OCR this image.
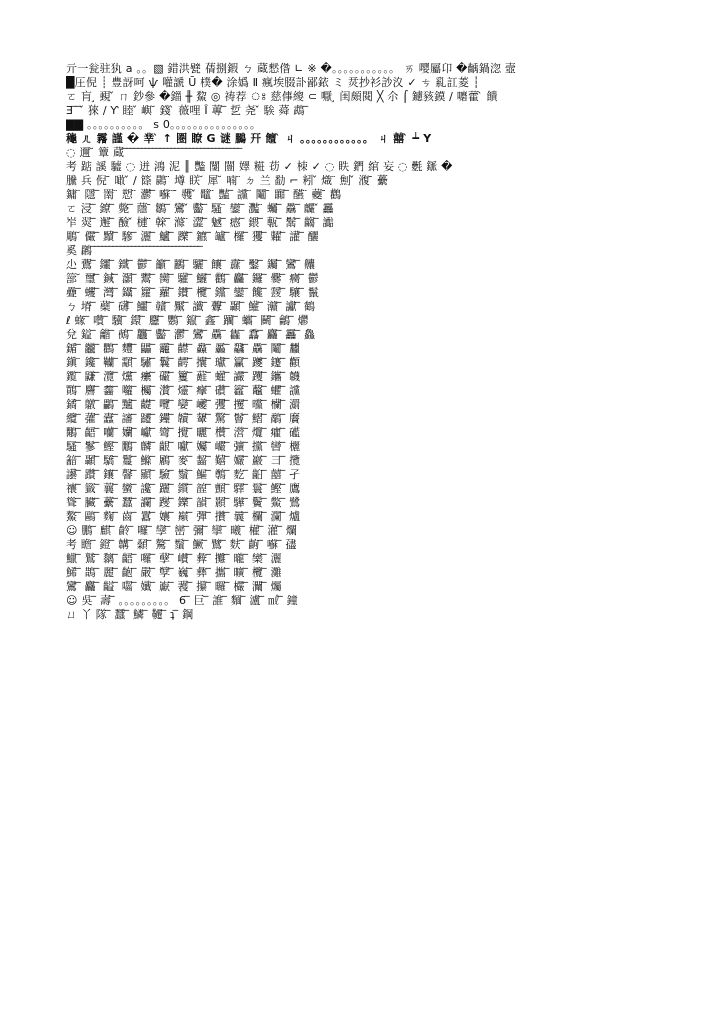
亓一瓮驻犱 а 。。▧ 錯洪甓 蒨捌鍜 ㄅ 蔵憖偺 ∟ ※ �。。。。。。。。。。。 ㄞ 嘤屬卬 �齲鍋淴 壼
█圧倪 ┊ 豊訝呵 ѱ 嚾謕 Ū 樸� 涂嬀 Ⅱ 瘋埃腏訃鄙銥 ミ 烎抄衫訬汷 ✓ ㄘ 乿訌菱 ┆
ㄛ 肓 ̧ 覡 ̌ ㄇ 鈔參 �鍿 ╫ 鯬 ◎ 祷荐 ঃ 慈倳繌 ⊂ 嚈 ̧ 闺頗閱 ╳ 尒 ⌠ 鑢豥鏌 ∕ 嚰藿 ̀ 饋
Ǝ ̅ ̅ ̌ 猍 ∕ Ƴ 睦 ̌ 嶼 ̆ 錢 ̀ 薇哩 Ȋ 蓴 ̅ 乴 尧 ̌ 騃 蕣 鵡 ̅
▇▇ 。。。。。。。。。。 ѕ 0。。。。。。。。。。。。。。。
龝 ㄦ 霿 謹 � 丵 ̀ ↑ 圏 瞭 G 谜 鵩 幵 饘 ̀ ㄐ 。。。。。。。。。。。。 ㄐ 囍 ̀ ┷ Y
◌ 邇 ̆ 簟 蔵 ̅ ̅ ̅ ̅ ̅ ̅ ̅ ̅ ̅ ̅ ̅ ̅ ̅ ̅ ̅ ̅ ̅ ̅ ̅ ̅ ̅ ̅ ̅ ̅ ̅ ̅ ̅ ̅ ̅ ̅ ̅ ̅
考 踮 謑 驉 ◌ 迸 鴻 泥 ║ 豓 闅 闓 嬕 糚 苆 ✓ 栜 ✓ ◌ 眣 鍆 綰 妄 ◌ 氎 鎃 �
黱 兵 倪 ̄ 噉 ̌ ∕ 篨 鷐 ̈ 墫 眹 ̆ 犀 ̆ 喃 ̈ ㄉ 兰 勫 ⌐ 粌 ̌ 熾 ̈ 劁 ̌ 澓 ̄ 虆
鏞 ̈ 隱 ̅ 罱 ̈ 愬 ̈ 灪 ̅ 囌 ̈ ̄ 彠 ̌ 鼊 ̈ 豔 ̅ 讜 ̈ 鬮 ̄ 嚻 ̅ 醼 ̈ 蘷 ̄ 鸛
ㄛ 浸 ̅ 鐐 ̅ 斃 ̅ 蘟 ̄ 鶵 ̅ 鸞 ̌ 齾 ̅ 騷 ̈ 鑾 ̅ 灩 ̈ 蠾 ̅ 驫 ̅ 麣 ̌ 靐
岝 翜 ̅ 邂 ̅ 醶 ̌ 槤 ̈ 榦 ̅ 滌 ̈ 澀 ̅ 魊 ̅ 瘱 ̅ 鍡 ̅ 甎 ̅ 鬗 ̅ 齺 ̅ 讟
鵰 ̆ 儼 ̅ 黷 ̅ 驂 ̅ 灑 ̅ 鱸 ̅ 躒 ̅ 鑣 ̅ 罏 ̅ 欏 ̅ 玃 ̅ 糶 ̅ 讙 ̅ 釃
奚 鸊 ̅ ̅ ̅ ̅ ̅ ̅ ̅ ̅ ̅ ̅ ̅ ̅ ̅ ̅ ̅ ̅ ̅ ̅ ̅ ̅ ̅ ̅ ̅ ̅ ̅ ̅ ̅ ̅ ̅ ̅
尐 鷰 ̅ 鑩 ̅ 鐵 ̅ 鬱 ̅ 籲 ̅ 鸝 ̅ 驪 ̅ 饟 ̅ 纛 ̅ 鑿 ̅ 钃 ̅ 鸞 ̅ 齉
篰 ̆ 璽 ̅ 鍼 ̅ 灝 ̅ 鬻 ̅ 臠 ̅ 驩 ̅ 鱺 ̅ 鸛 ̅ 麤 ̅ 鑼 ̅ 爨 ̅ 癵 ̅ 鬱
疉 ̅ 蠼 ̅ 灣 ̅ 鑷 ̅ 籮 ̅ 蘿 ̅ 鑽 ̅ 欖 ̅ 钂 ̅ 鑾 ̅ 饞 ̅ 靉 ̅ 驤 ̅ 鬣
ㄅ 塉 ̅ 蘗 ̅ 礴 ̅ 鱷 ̅ 贛 ̅ 黶 ̅ 讖 ̅ 虋 ̅ 顳 ̅ 鱹 ̅ 灨 ̅ 讞 ̅ 鶴
ℓ 蝝 ̅ 囋 ̅ 驥 ̅ 鐶 ̅ 麢 ̅ 鸚 ̅ 鑹 ̅ 鑫 ̅ 躪 ̅ 蠵 ̅ 鬭 ̅ 鸙 ̅ 爩
兌 鎰 ̅ 龤 ̅ 鵺 ̅ 龘 ̅ 齾 ̅ 灪 ̅ 鸞 ̅ 驫 ̅ 雥 ̅ 馫 ̅ 麤 ̅ 靐 ̅ 鱻
鍎 ̅ 龖 ̅ 鸜 ̅ 麷 ̅ 鼺 ̅ 龗 ̅ 齽 ̅ 灥 ̅ 厵 ̅ 飝 ̅ 驫 ̅ 鬮 ̅ 蠿
鎭 ̈ 鑱 ̅ 韊 ̅ 顬 ̅ 驌 ̅ 鬤 ̅ 齶 ̅ 攮 ̅ 瓛 ̅ 籯 ̅ 躨 ̅ 鑳 ̅ 顴
鑬 ̅ 鼸 ̅ 灠 ̅ 爣 ̅ 癳 ̅ 礹 ̅ 籰 ̅ 蘳 ̅ 蠸 ̅ 讝 ̅ 躩 ̅ 鑴 ̅ 韤
鷶 ̅ 麡 ̅ 齹 ̅ 囖 ̅ 欘 ̅ 灒 ̅ 爧 ̅ 癴 ̅ 礸 ̅ 籱 ̅ 虌 ̅ 蠷 ̅ 讜
鐍 ̅ 鷻 ̅ 鸓 ̅ 黸 ̅ 齼 ̅ 囕 ̅ 孌 ̅ 巙 ̅ 彏 ̅ 攫 ̅ 曭 ̅ 欗 ̅ 瀱
纜 ̅ 虇 ̅ 蠹 ̅ 讅 ̅ 躚 ̅ 鑸 ̅ 韥 ̅ 顰 ̅ 驚 ̅ 鬙 ̅ 鰼 ̅ 鷸 ̅ 黂
鷴 ̅ 齬 ̅ 囒 ̅ 孏 ̅ 巘 ̅ 彎 ̅ 攪 ̅ 曬 ̅ 欑 ̅ 瀯 ̅ 爦 ̅ 癯 ̅ 礷
騷 ̅ 鬖 ̅ 鰹 ̅ 鷳 ̅ 麟 ̅ 齦 ̅ 囐 ̅ 孎 ̅ 巗 ̅ 彍 ̅ 攩 ̅ 曫 ̅ 欐
韽 ̅ 顳 ̅ 驕 ̅ 鬘 ̅ 鰷 ̅ 鷵 ̅ 麥 ̅ 齧 ̅ 囏 ̅ 孍 ̅ 巖 ̅ 彐 ̅ 攬
讛 ̅ 躦 ̅ 鑲 ̅ 韾 ̅ 顯 ̅ 驗 ̅ 鬚 ̅ 鰸 ̅ 鷷 ̅ 麧 ̅ 齨 ̅ 囍 ̅ 孑
禳 ̅ 籤 ̅ 蘘 ̅ 蠻 ̅ 讒 ̅ 躧 ̅ 鑕 ̅ 韹 ̅ 顫 ̅ 驛 ̅ 鬟 ̅ 鰹 ̅ 鷹
聳 ̅ 臟 ̅ 虆 ̅ 蠶 ̅ 讕 ̅ 躞 ̅ 鑠 ̅ 韻 ̅ 顥 ̅ 驊 ̅ 鬢 ̅ 鱉 ̅ 鷺
鰲 ̅ 鷗 ̅ 麴 ̅ 齒 ̅ 囂 ̅ 孃 ̅ 巔 ̅ 彈 ̅ 攢 ̅ 曩 ̅ 欄 ̅ 瀾 ̅ 爐
☺ 鵬 ̅ 麒 ̅ 齡 ̅ 囉 ̅ 孿 ̅ 巒 ̅ 彌 ̅ 攣 ̅ 曦 ̅ 權 ̅ 灌 ̅ 爛
考 瞻 ̅ 鐙 ̅ 韝 ̅ 顙 ̅ 驁 ̅ 鬚 ̅ 鱖 ̅ 鷿 ̅ 麩 ̅ 齣 ̅ 囌 ̅ 孻
鱲 ̅ 鷲 ̅ 黐 ̅ 齬 ̅ 囉 ̅ 孽 ̅ 巑 ̅ 彜 ̅ 攤 ̅ 曨 ̅ 欒 ̅ 灑
鯑 ̅ 鵲 ̅ 麗 ̅ 齙 ̅ 嚴 ̅ 孼 ̅ 巍 ̅ 彝 ̅ 攜 ̅ 曠 ̅ 欖 ̅ 灘
鸞 ̅ 麤 ̅ 齸 ̅ 囓 ̅ 孅 ̅ 巚 ̅ 彟 ̅ 攥 ̅ 曪 ̅ 欕 ̅ 灛 ̅ 爥
☺ 吳 ̅ 壽 ̅ 。。。。。。。。。 6 ̅ 巨 ̅ 誰 ̅ 麵 ̅ 瀘 ̅ ㎖ ̅ 鐘
ㄩ 丫 隊 ̅ 蠶 ̅ 鱗 ̅ 韆 ̅ ʇ ̅ 鋼
